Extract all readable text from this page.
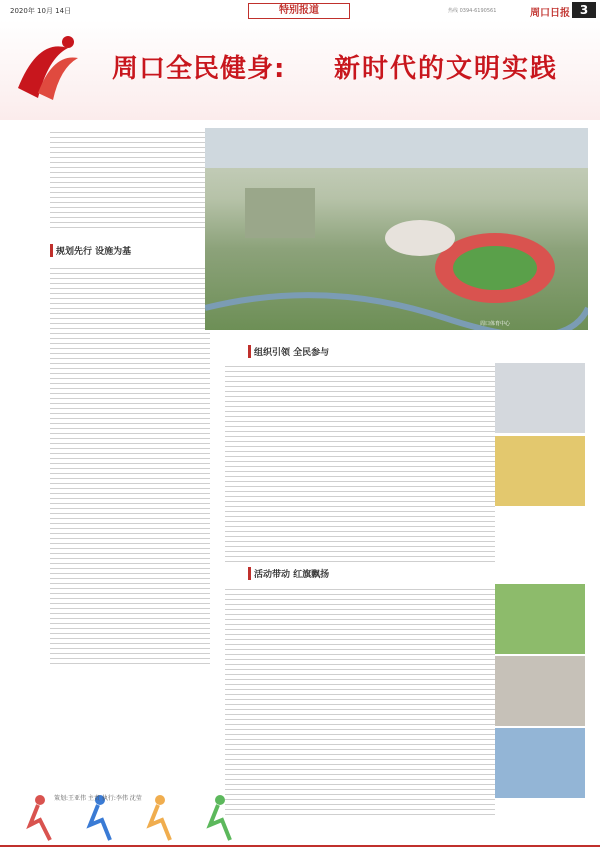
2020年 10月 14日	特别报道	热线 0394-6190561	周口日报 3
周口全民健身: 新时代的文明实践
规划先行 设施为基
周口体育中心
组织引领 全民参与
活动带动 红旗飘扬
策划:王亚伟 主责 执行:李伟 沈莹
